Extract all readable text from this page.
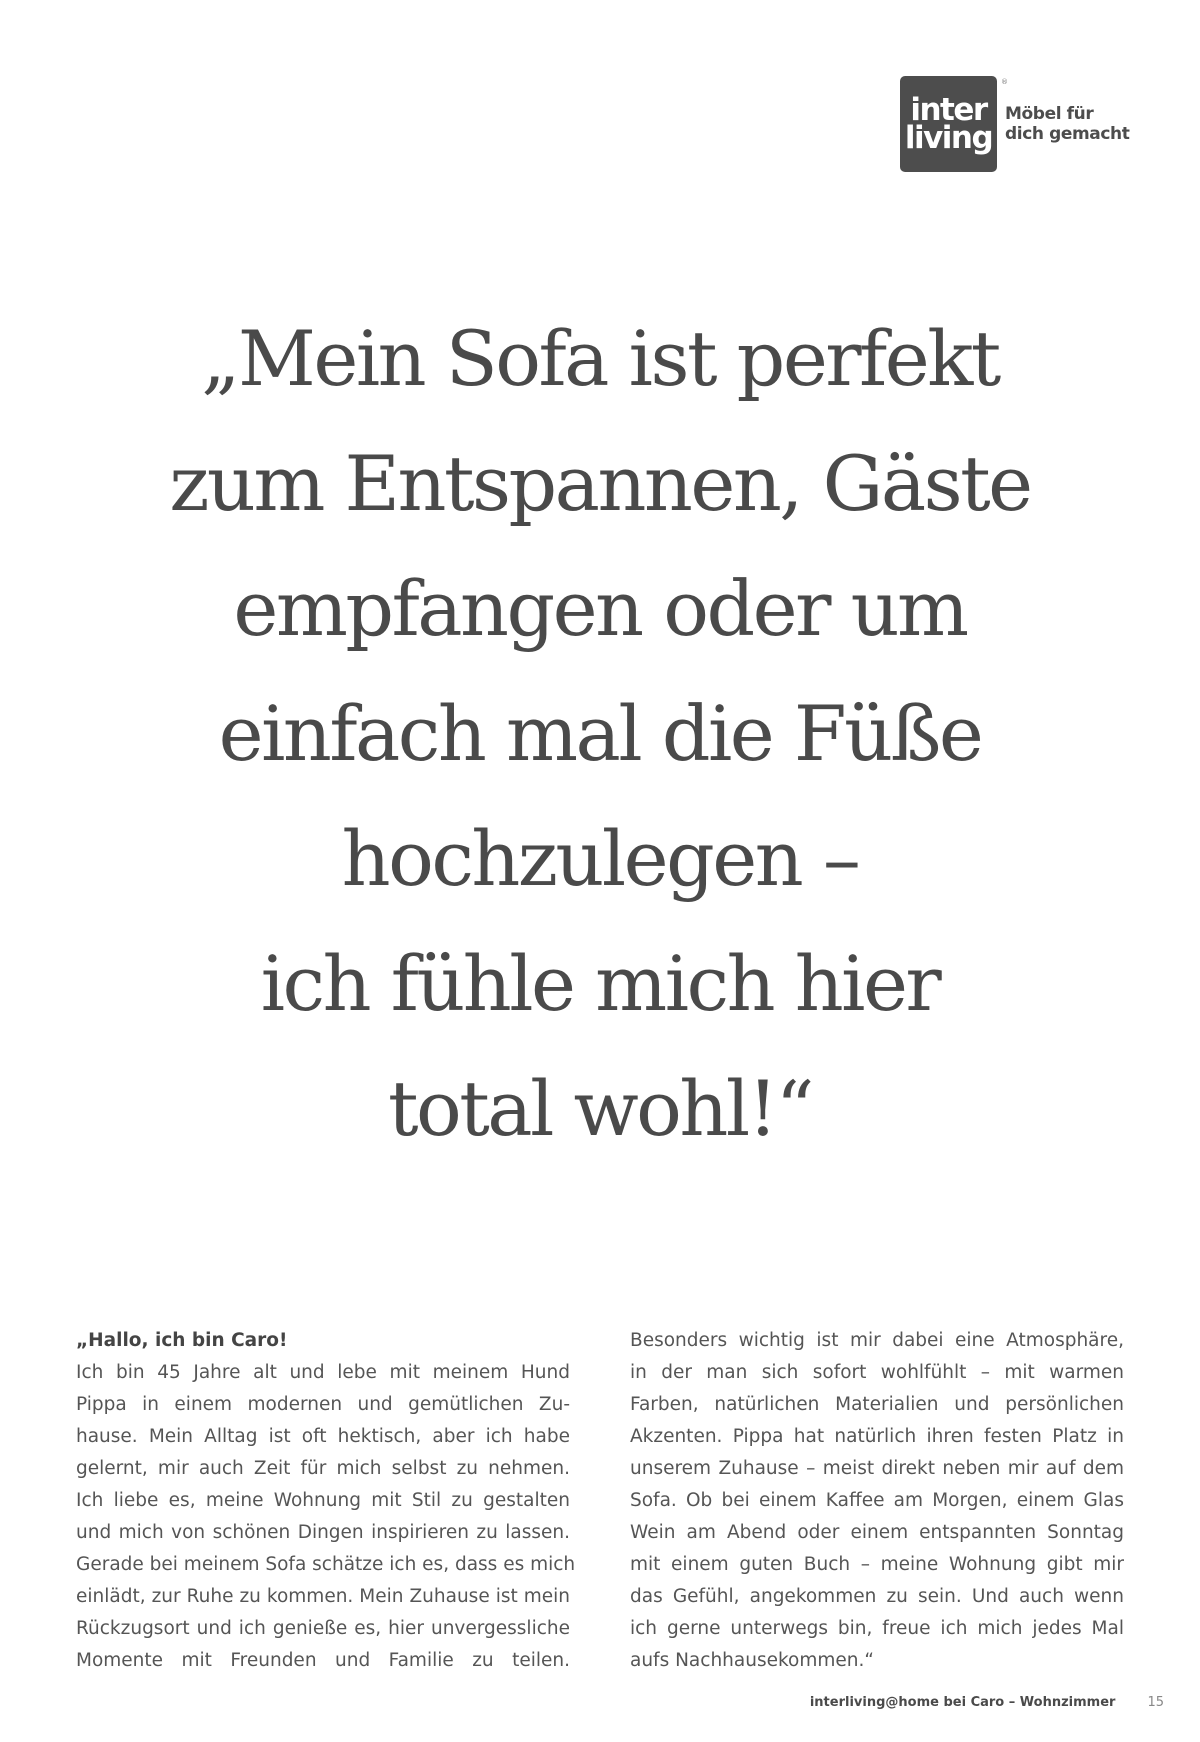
inter
living
®
Möbel für
dich gemacht
„Mein Sofa ist perfekt
zum Entspannen, Gäste
empfangen oder um
einfach mal die Füße
hochzulegen –
ich fühle mich hier
total wohl!“
„Hallo, ich bin Caro!
Ich bin 45 Jahre alt und lebe mit meinem Hund
Pippa in einem modernen und gemütlichen Zu-
hause. Mein Alltag ist oft hektisch, aber ich habe
gelernt, mir auch Zeit für mich selbst zu nehmen.
Ich liebe es, meine Wohnung mit Stil zu gestalten
und mich von schönen Dingen inspirieren zu lassen.
Gerade bei meinem Sofa schätze ich es, dass es mich
einlädt, zur Ruhe zu kommen. Mein Zuhause ist mein
Rückzugsort und ich genieße es, hier unvergessliche
Momente mit Freunden und Familie zu teilen.
Besonders wichtig ist mir dabei eine Atmosphäre,
in der man sich sofort wohlfühlt – mit warmen
Farben, natürlichen Materialien und persönlichen
Akzenten. Pippa hat natürlich ihren festen Platz in
unserem Zuhause – meist direkt neben mir auf dem
Sofa. Ob bei einem Kaffee am Morgen, einem Glas
Wein am Abend oder einem entspannten Sonntag
mit einem guten Buch – meine Wohnung gibt mir
das Gefühl, angekommen zu sein. Und auch wenn
ich gerne unterwegs bin, freue ich mich jedes Mal
aufs Nachhausekommen.“
interliving@home bei Caro – Wohnzimmer 15
